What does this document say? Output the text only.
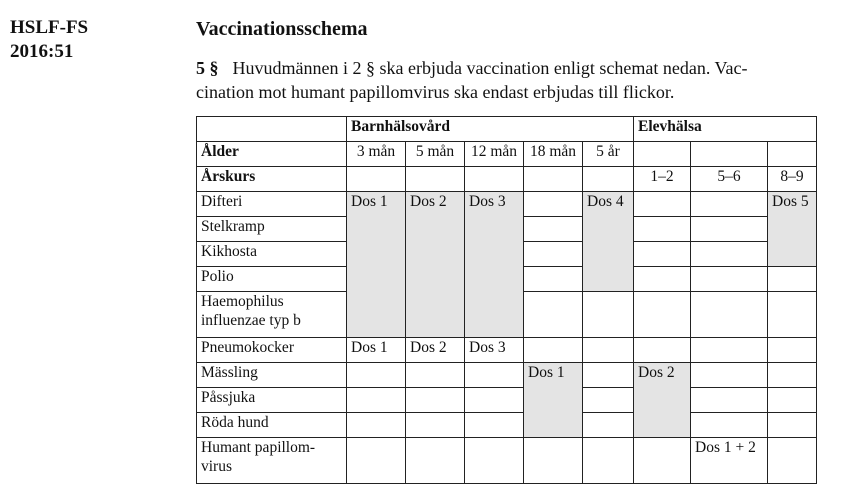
HSLF-FS
2016:51
Vaccinationsschema
5 § Huvudmännen i 2 § ska erbjuda vaccination enligt schemat nedan. Vac-
cination mot humant papillomvirus ska endast erbjudas till flickor.
	Barnhälsovård					Elevhälsa		
Ålder	3 mån	5 mån	12 mån	18 mån	5 år			
Årskurs						1–2	5–6	8–9
Difteri	Dos 1	Dos 2	Dos 3		Dos 4			Dos 5
Stelkramp								
Kikhosta								
Polio								

Haemophilus
influenzae typ b								

Pneumokocker	Dos 1	Dos 2	Dos 3					
Mässling				Dos 1		Dos 2		
Påssjuka								
Röda hund								

Humant papillom-
virus							Dos 1 + 2	
